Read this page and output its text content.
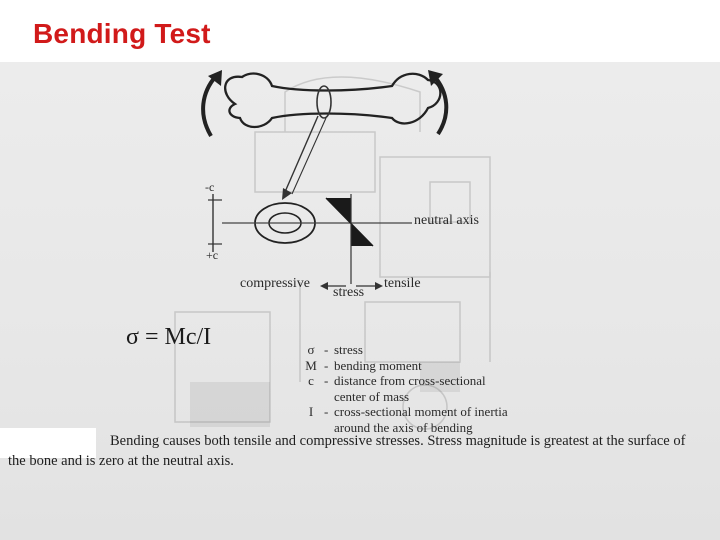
Bending Test
-c
+c
neutral axis
compressive
stress
tensile
σ = Mc/I	σ - stress
M - bending moment
c - distance from cross-sectional
center of mass
I - cross-sectional moment of inertia
around the axis of bending
Bending causes both tensile and compressive stresses. Stress magnitude is greatest at the surface of
the bone and is zero at the neutral axis.
